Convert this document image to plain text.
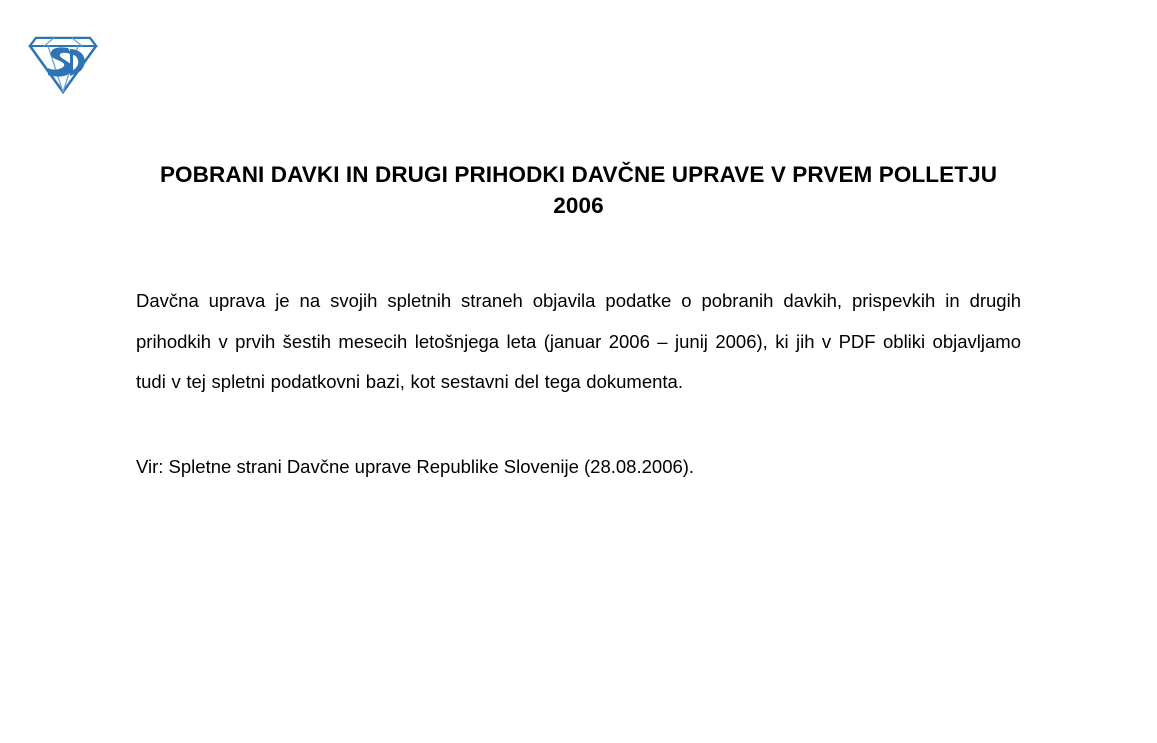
POBRANI DAVKI IN DRUGI PRIHODKI DAVČNE UPRAVE V PRVEM POLLETJU 2006

Davčna uprava je na svojih spletnih straneh objavila podatke o pobranih davkih, prispevkih in drugih prihodkih v prvih šestih mesecih letošnjega leta (januar 2006 – junij 2006), ki jih v PDF obliki objavljamo tudi v tej spletni podatkovni bazi, kot sestavni del tega dokumenta.

Vir: Spletne strani Davčne uprave Republike Slovenije (28.08.2006).
